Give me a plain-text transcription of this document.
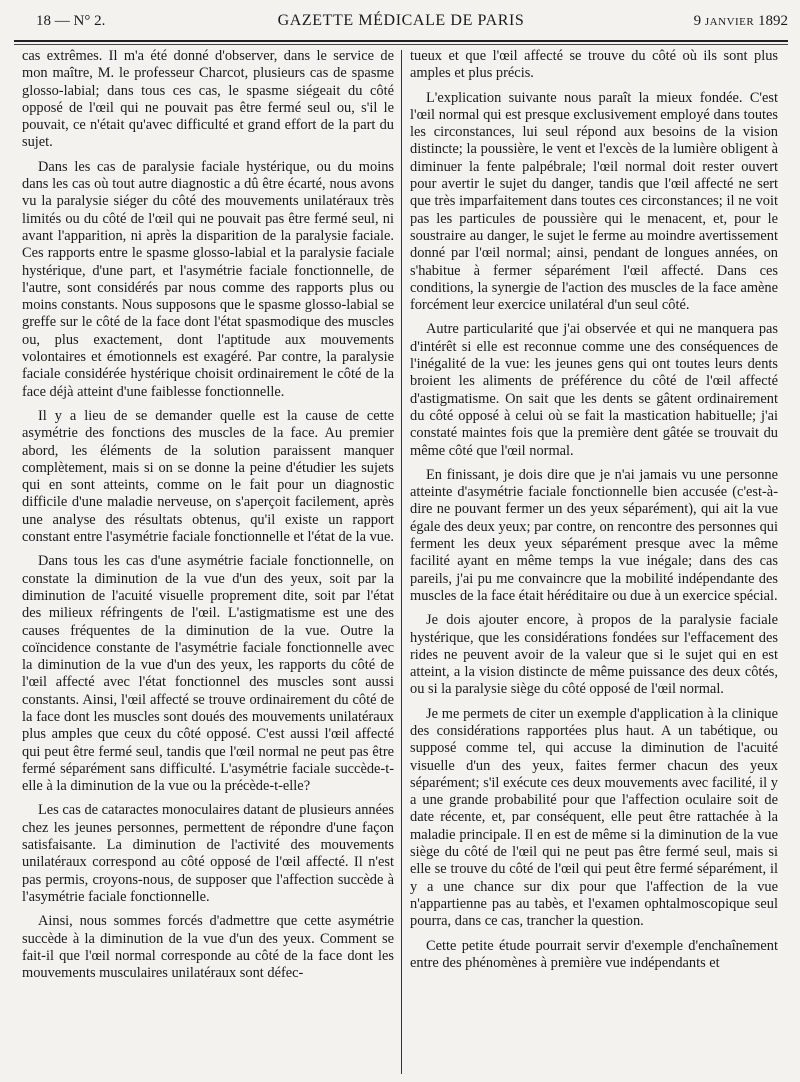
18 — N° 2.	GAZETTE MÉDICALE DE PARIS	9 JANVIER 1892

cas extrêmes. Il m'a été donné d'observer, dans le service de mon maître, M. le professeur Charcot, plusieurs cas de spasme glosso-labial; dans tous ces cas, le spasme siégeait du côté opposé de l'œil qui ne pouvait pas être fermé seul ou, s'il le pouvait, ce n'était qu'avec difficulté et grand effort de la part du sujet.

Dans les cas de paralysie faciale hystérique, ou du moins dans les cas où tout autre diagnostic a dû être écarté, nous avons vu la paralysie siéger du côté des mouvements unilatéraux très limités ou du côté de l'œil qui ne pouvait pas être fermé seul, ni avant l'apparition, ni après la disparition de la paralysie faciale. Ces rapports entre le spasme glosso-labial et la paralysie faciale hystérique, d'une part, et l'asymétrie faciale fonctionnelle, de l'autre, sont considérés par nous comme des rapports plus ou moins constants. Nous supposons que le spasme glosso-labial se greffe sur le côté de la face dont l'état spasmodique des muscles ou, plus exactement, dont l'aptitude aux mouvements volontaires et émotionnels est exagéré. Par contre, la paralysie faciale considérée hystérique choisit ordinairement le côté de la face déjà atteint d'une faiblesse fonctionnelle.

Il y a lieu de se demander quelle est la cause de cette asymétrie des fonctions des muscles de la face. Au premier abord, les éléments de la solution paraissent manquer complètement, mais si on se donne la peine d'étudier les sujets qui en sont atteints, comme on le fait pour un diagnostic difficile d'une maladie nerveuse, on s'aperçoit facilement, après une analyse des résultats obtenus, qu'il existe un rapport constant entre l'asymétrie faciale fonctionnelle et l'état de la vue.

Dans tous les cas d'une asymétrie faciale fonctionnelle, on constate la diminution de la vue d'un des yeux, soit par la diminution de l'acuité visuelle proprement dite, soit par l'état des milieux réfringents de l'œil. L'astigmatisme est une des causes fréquentes de la diminution de la vue. Outre la coïncidence constante de l'asymétrie faciale fonctionnelle avec la diminution de la vue d'un des yeux, les rapports du côté de l'œil affecté avec l'état fonctionnel des muscles sont aussi constants. Ainsi, l'œil affecté se trouve ordinairement du côté de la face dont les muscles sont doués des mouvements unilatéraux plus amples que ceux du côté opposé. C'est aussi l'œil affecté qui peut être fermé seul, tandis que l'œil normal ne peut pas être fermé séparément sans difficulté. L'asymétrie faciale succède-t-elle à la diminution de la vue ou la précède-t-elle?

Les cas de cataractes monoculaires datant de plusieurs années chez les jeunes personnes, permettent de répondre d'une façon satisfaisante. La diminution de l'activité des mouvements unilatéraux correspond au côté opposé de l'œil affecté. Il n'est pas permis, croyons-nous, de supposer que l'affection succède à l'asymétrie faciale fonctionnelle.

Ainsi, nous sommes forcés d'admettre que cette asymétrie succède à la diminution de la vue d'un des yeux. Comment se fait-il que l'œil normal corresponde au côté de la face dont les mouvements musculaires unilatéraux sont défec-

tueux et que l'œil affecté se trouve du côté où ils sont plus amples et plus précis.

L'explication suivante nous paraît la mieux fondée. C'est l'œil normal qui est presque exclusivement employé dans toutes les circonstances, lui seul répond aux besoins de la vision distincte; la poussière, le vent et l'excès de la lumière obligent à diminuer la fente palpébrale; l'œil normal doit rester ouvert pour avertir le sujet du danger, tandis que l'œil affecté ne sert que très imparfaitement dans toutes ces circonstances; il ne voit pas les particules de poussière qui le menacent, et, pour le soustraire au danger, le sujet le ferme au moindre avertissement donné par l'œil normal; ainsi, pendant de longues années, on s'habitue à fermer séparément l'œil affecté. Dans ces conditions, la synergie de l'action des muscles de la face amène forcément leur exercice unilatéral d'un seul côté.

Autre particularité que j'ai observée et qui ne manquera pas d'intérêt si elle est reconnue comme une des conséquences de l'inégalité de la vue: les jeunes gens qui ont toutes leurs dents broient les aliments de préférence du côté de l'œil affecté d'astigmatisme. On sait que les dents se gâtent ordinairement du côté opposé à celui où se fait la mastication habituelle; j'ai constaté maintes fois que la première dent gâtée se trouvait du même côté que l'œil normal.

En finissant, je dois dire que je n'ai jamais vu une personne atteinte d'asymétrie faciale fonctionnelle bien accusée (c'est-à-dire ne pouvant fermer un des yeux séparément), qui ait la vue égale des deux yeux; par contre, on rencontre des personnes qui ferment les deux yeux séparément presque avec la même facilité ayant en même temps la vue inégale; dans des cas pareils, j'ai pu me convaincre que la mobilité indépendante des muscles de la face était héréditaire ou due à un exercice spécial.

Je dois ajouter encore, à propos de la paralysie faciale hystérique, que les considérations fondées sur l'effacement des rides ne peuvent avoir de la valeur que si le sujet qui en est atteint, a la vision distincte de même puissance des deux côtés, ou si la paralysie siège du côté opposé de l'œil normal.

Je me permets de citer un exemple d'application à la clinique des considérations rapportées plus haut. A un tabétique, ou supposé comme tel, qui accuse la diminution de l'acuité visuelle d'un des yeux, faites fermer chacun des yeux séparément; s'il exécute ces deux mouvements avec facilité, il y a une grande probabilité pour que l'affection oculaire soit de date récente, et, par conséquent, elle peut être rattachée à la maladie principale. Il en est de même si la diminution de la vue siège du côté de l'œil qui ne peut pas être fermé seul, mais si elle se trouve du côté de l'œil qui peut être fermé séparément, il y a une chance sur dix pour que l'affection de la vue n'appartienne pas au tabès, et l'examen ophtalmoscopique seul pourra, dans ce cas, trancher la question.

Cette petite étude pourrait servir d'exemple d'enchaînement entre des phénomènes à première vue indépendants et
